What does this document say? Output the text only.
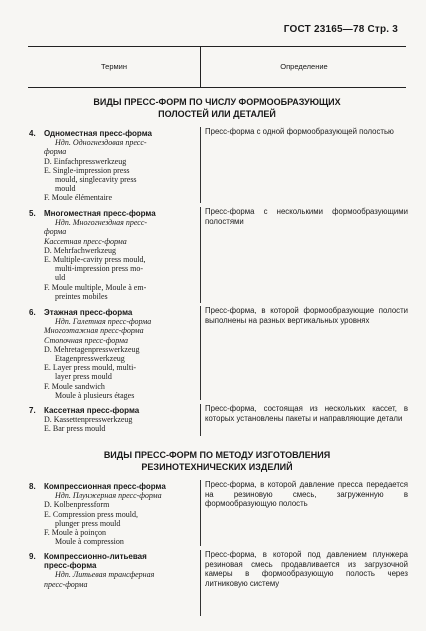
ГОСТ 23165—78 Стр. 3
Термин	Определение
ВИДЫ ПРЕСС-ФОРМ ПО ЧИСЛУ ФОРМООБРАЗУЮЩИХ
ПОЛОСТЕЙ ИЛИ ДЕТАЛЕЙ
4. Одноместная пресс-форма
Ндп. Одногнездовая пресс-
форма
D. Einfachpresswerkzeug
E. Single-impression press
mould, singlecavity press
mould
F. Moule élémentaire
Пресс-форма с одной формообразующей полостью
5. Многоместная пресс-форма
Ндп. Многогнездная пресс-
форма
Кассетная пресс-форма
D. Mehrfachwerkzeug
E. Multiple-cavity press mould,
multi-impression press mo-
uld
F. Moule multiple, Moule à em-
preintes mobiles
Пресс-форма с несколькими формообразующими полостями
6. Этажная пресс-форма
Ндп. Галетная пресс-форма
Многоэтажная пресс-форма
Стопочная пресс-форма
D. Mehretagenpresswerkzeug
Etagenpresswerkzeug
E. Layer press mould, multi-
layer press mould
F. Moule sandwich
Moule à plusieurs étages
Пресс-форма, в которой формообразующие полости выполнены на разных вертикальных уровнях
7. Кассетная пресс-форма
D. Kassettenpresswerkzeug
E. Bar press mould
Пресс-форма, состоящая из нескольких кассет, в которых установлены пакеты и направляющие детали
ВИДЫ ПРЕСС-ФОРМ ПО МЕТОДУ ИЗГОТОВЛЕНИЯ
РЕЗИНОТЕХНИЧЕСКИХ ИЗДЕЛИЙ
8. Компрессионная пресс-форма
Ндп. Плунжерная пресс-форма
D. Kolbenpressform
E. Compression press mould,
plunger press mould
F. Moule à poinçon
Moule à compression
Пресс-форма, в которой давление пресса передается на резиновую смесь, загруженную в формообразующую полость
9. Компрессионно-литьевая
пресс-форма
Ндп. Литьевая трансферная
пресс-форма
Пресс-форма, в которой под давлением плунжера резиновая смесь продавливается из загрузочной камеры в формообразующую полость через литниковую систему
